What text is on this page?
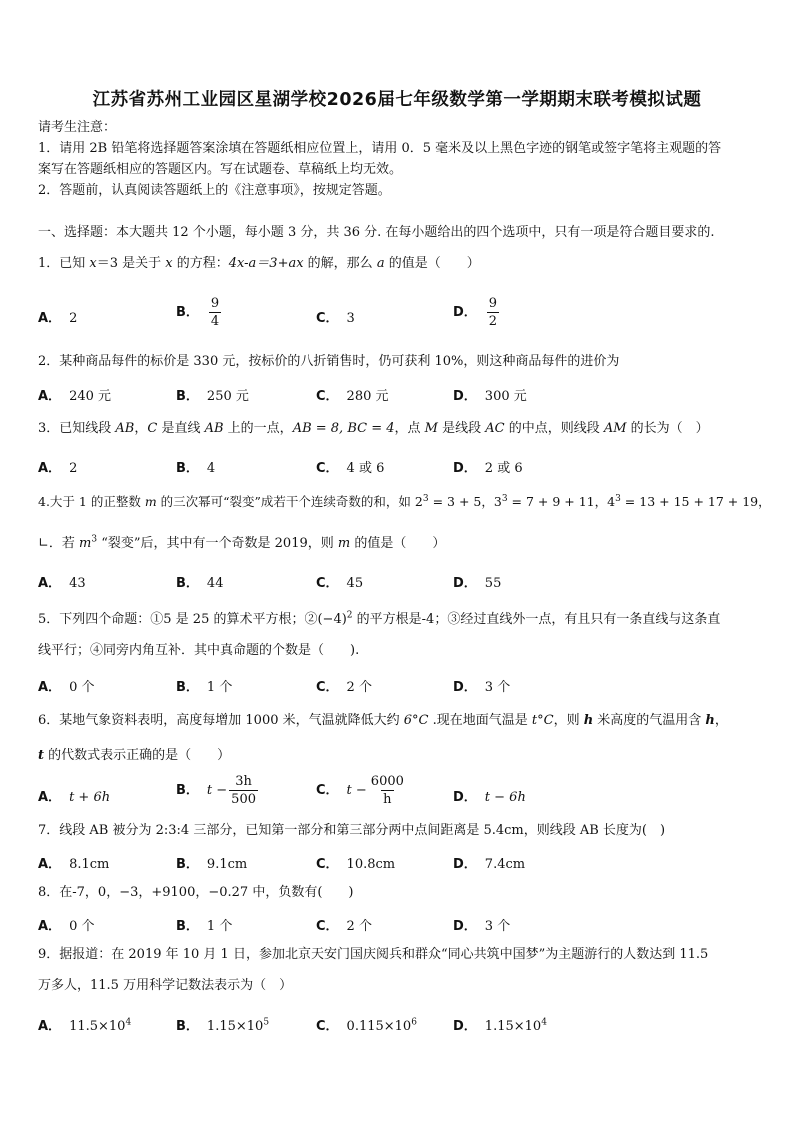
江苏省苏州工业园区星湖学校2026届七年级数学第一学期期末联考模拟试题
请考生注意：
1．请用 2B 铅笔将选择题答案涂填在答题纸相应位置上，请用 0．5 毫米及以上黑色字迹的钢笔或签字笔将主观题的答
案写在答题纸相应的答题区内。写在试题卷、草稿纸上均无效。
2．答题前，认真阅读答题纸上的《注意事项》，按规定答题。
一、选择题：本大题共 12 个小题，每小题 3 分，共 36 分. 在每小题给出的四个选项中，只有一项是符合题目要求的.
1．已知 x＝3 是关于 x 的方程：4x-a＝3+ax 的解，那么 a 的值是（　　）
A． 2	B． $\frac{9}{4}$	C． 3	D． $\frac{9}{2}$
2．某种商品每件的标价是 330 元，按标价的八折销售时，仍可获利 10%，则这种商品每件的进价为
A． 240 元	B． 250 元	C． 280 元	D． 300 元
3．已知线段 AB，C 是直线 AB 上的一点，AB = 8, BC = 4，点 M 是线段 AC 的中点，则线段 AM 的长为（　）
A． 2	B． 4	C． 4 或 6	D． 2 或 6
4.大于 1 的正整数 m 的三次幂可“裂变”成若干个连续奇数的和，如 $2^3 = 3 + 5$，$3^3 = 7 + 9 + 11$，$4^3 = 13 + 15 + 17 + 19$，
∟．若 $m^3$ “裂变”后，其中有一个奇数是 2019，则 m 的值是（　　）
A． 43	B． 44	C． 45	D． 55
5．下列四个命题：①5 是 25 的算术平方根；$②(-4)^2$ 的平方根是-4；③经过直线外一点，有且只有一条直线与这条直
线平行；④同旁内角互补．其中真命题的个数是（　　).
A． 0 个	B． 1 个	C． 2 个	D． 3 个
6．某地气象资料表明，高度每增加 1000 米，气温就降低大约 6°C .现在地面气温是 t°C，则 h 米高度的气温用含 h，
t 的代数式表示正确的是（　　）
A． t + 6h	B． $t - \frac{3h}{500}$	C． $t - \frac{6000}{h}$	D． t − 6h
7．线段 AB 被分为 2:3:4 三部分，已知第一部分和第三部分两中点间距离是 5.4cm，则线段 AB 长度为(　)
A． 8.1cm	B． 9.1cm	C． 10.8cm	D． 7.4cm
8．在-7，0，−3，+9100，−0.27 中，负数有(　　)
A． 0 个	B． 1 个	C． 2 个	D． 3 个
9．据报道：在 2019 年 10 月 1 日，参加北京天安门国庆阅兵和群众“同心共筑中国梦”为主题游行的人数达到 11.5
万多人，11.5 万用科学记数法表示为（　）
A． $11.5\times 10^4$	B． $1.15\times 10^5$	C． $0.115\times 10^6$	D． $1.15\times 10^4$
